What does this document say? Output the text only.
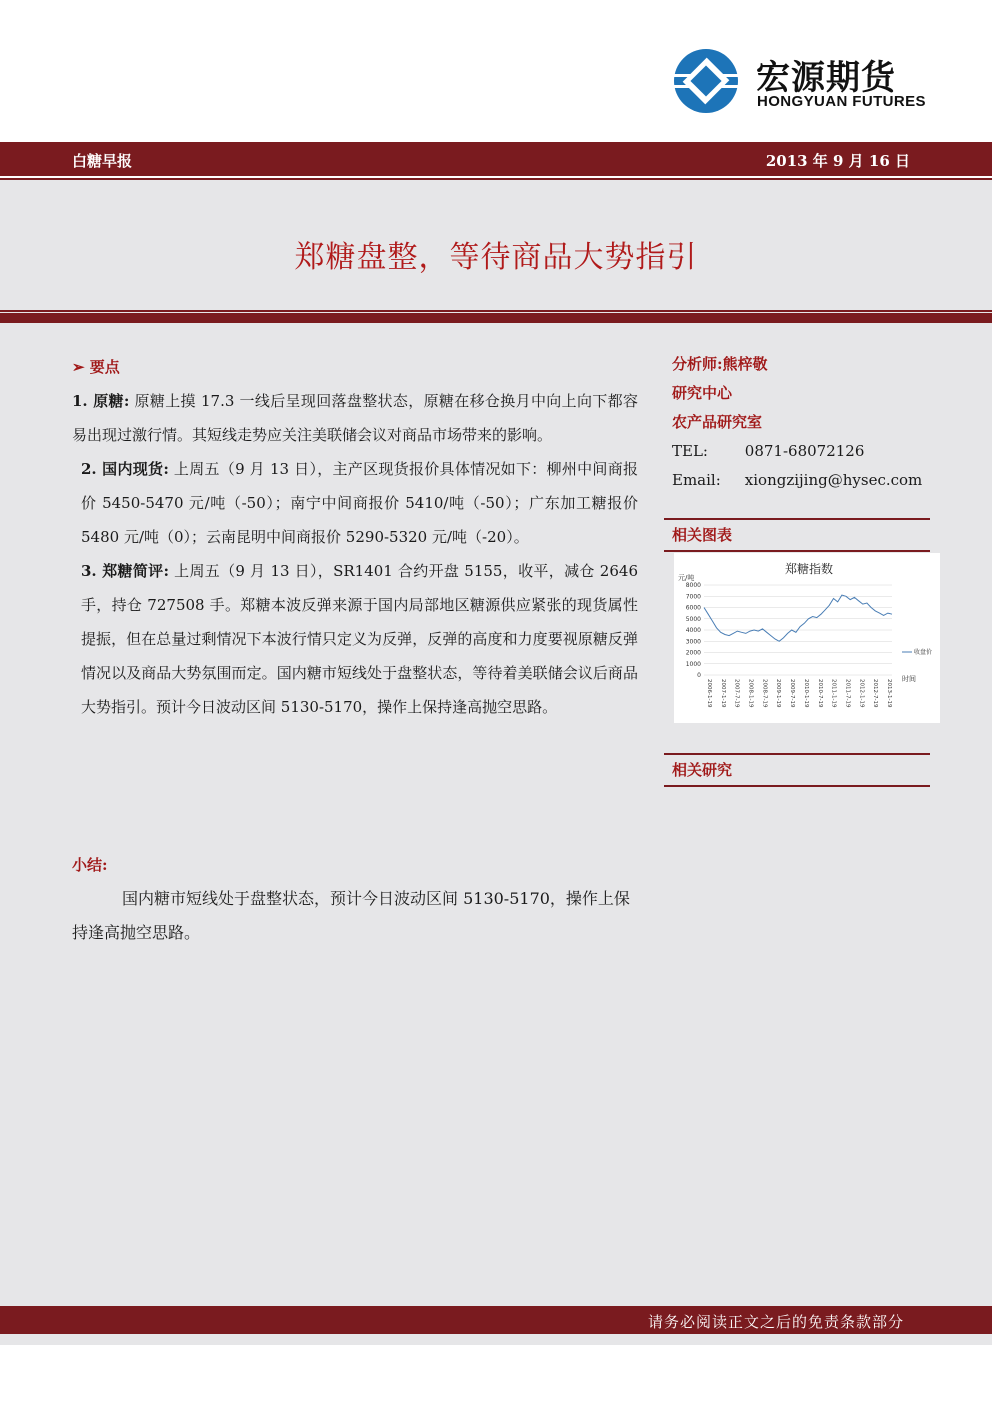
宏源期货
HONGYUAN FUTURES
白糖早报	2013 年 9 月 16 日
郑糖盘整，等待商品大势指引

➢ 要点

1. 原糖: 原糖上摸 17.3 一线后呈现回落盘整状态，原糖在移仓换月中向上向下都容易出现过激行情。其短线走势应关注美联储会议对商品市场带来的影响。

2. 国内现货: 上周五（9 月 13 日），主产区现货报价具体情况如下：柳州中间商报价 5450-5470 元/吨（-50）；南宁中间商报价 5410/吨（-50）；广东加工糖报价 5480 元/吨（0）；云南昆明中间商报价 5290-5320 元/吨（-20）。

3. 郑糖简评: 上周五（9 月 13 日），SR1401 合约开盘 5155，收平，减仓 2646 手，持仓 727508 手。郑糖本波反弹来源于国内局部地区糖源供应紧张的现货属性提振，但在总量过剩情况下本波行情只定义为反弹，反弹的高度和力度要视原糖反弹情况以及商品大势氛围而定。国内糖市短线处于盘整状态，等待着美联储会议后商品大势指引。预计今日波动区间 5130-5170，操作上保持逢高抛空思路。

小结:

国内糖市短线处于盘整状态，预计今日波动区间 5130-5170，操作上保持逢高抛空思路。

分析师:熊梓敬
研究中心
农产品研究室
TEL: 0871-68072126
Email: xiongzijing@hysec.com
相关图表
郑糖指数
元/吨
时间
收盘价
0
1000
2000
3000
4000
5000
6000
7000
8000
2006-1-19 2007-1-19 2007-7-19 2008-1-19 2008-7-19 2009-1-19 2009-7-19 2010-1-19 2010-7-19 2011-1-19 2011-7-19 2012-1-19 2012-7-19 2013-1-19
相关研究
请务必阅读正文之后的免责条款部分
